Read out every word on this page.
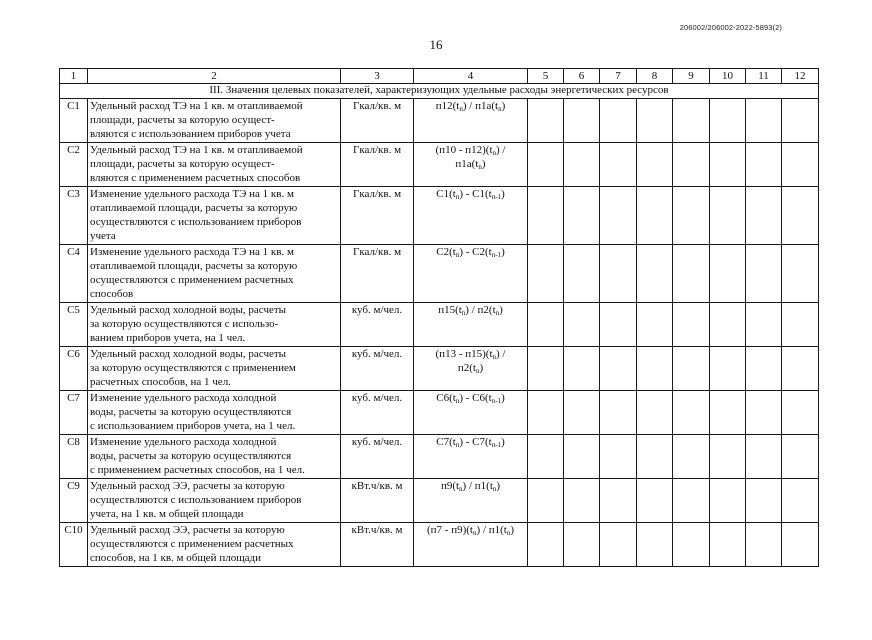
206002/206002-2022-5893(2)
16
1	2	3	4	5	6	7	8	9	10	11	12
III. Значения целевых показателей, характеризующих удельные расходы энергетических ресурсов											
С1	Удельный расход ТЭ на 1 кв. м отапливаемой
площади, расчеты за которую осущест-
вляются с использованием приборов учета	Гкал/кв. м	$п12(t_n) / п1а(t_n)$								
С2	Удельный расход ТЭ на 1 кв. м отапливаемой
площади, расчеты за которую осущест-
вляются с применением расчетных способов	Гкал/кв. м	$(п10 - п12)(t_n)$ /
$п1а(t_n)$								
С3	Изменение удельного расхода ТЭ на 1 кв. м
отапливаемой площади, расчеты за которую
осуществляются с использованием приборов
учета	Гкал/кв. м	$С1(t_n) - С1(t_{n-1})$								
С4	Изменение удельного расхода ТЭ на 1 кв. м
отапливаемой площади, расчеты за которую
осуществляются с применением расчетных
способов	Гкал/кв. м	$С2(t_n) - С2(t_{n-1})$								
С5	Удельный расход холодной воды, расчеты
за которую осуществляются с использо-
ванием приборов учета, на 1 чел.	куб. м/чел.	$п15(t_n) / п2(t_n)$								
С6	Удельный расход холодной воды, расчеты
за которую осуществляются с применением
расчетных способов, на 1 чел.	куб. м/чел.	$(п13 - п15)(t_n)$ /
$п2(t_n)$								
С7	Изменение удельного расхода холодной
воды, расчеты за которую осуществляются
с использованием приборов учета, на 1 чел.	куб. м/чел.	$С6(t_n) - С6(t_{n-1})$								
С8	Изменение удельного расхода холодной
воды, расчеты за которую осуществляются
с применением расчетных способов, на 1 чел.	куб. м/чел.	$С7(t_n) - С7(t_{n-1})$								
С9	Удельный расход ЭЭ, расчеты за которую
осуществляются с использованием приборов
учета, на 1 кв. м общей площади	кВт.ч/кв. м	$п9(t_n) / п1(t_n)$								
С10	Удельный расход ЭЭ, расчеты за которую
осуществляются с применением расчетных
способов, на 1 кв. м общей площади	кВт.ч/кв. м	$(п7 - п9)(t_n) / п1(t_n)$								
